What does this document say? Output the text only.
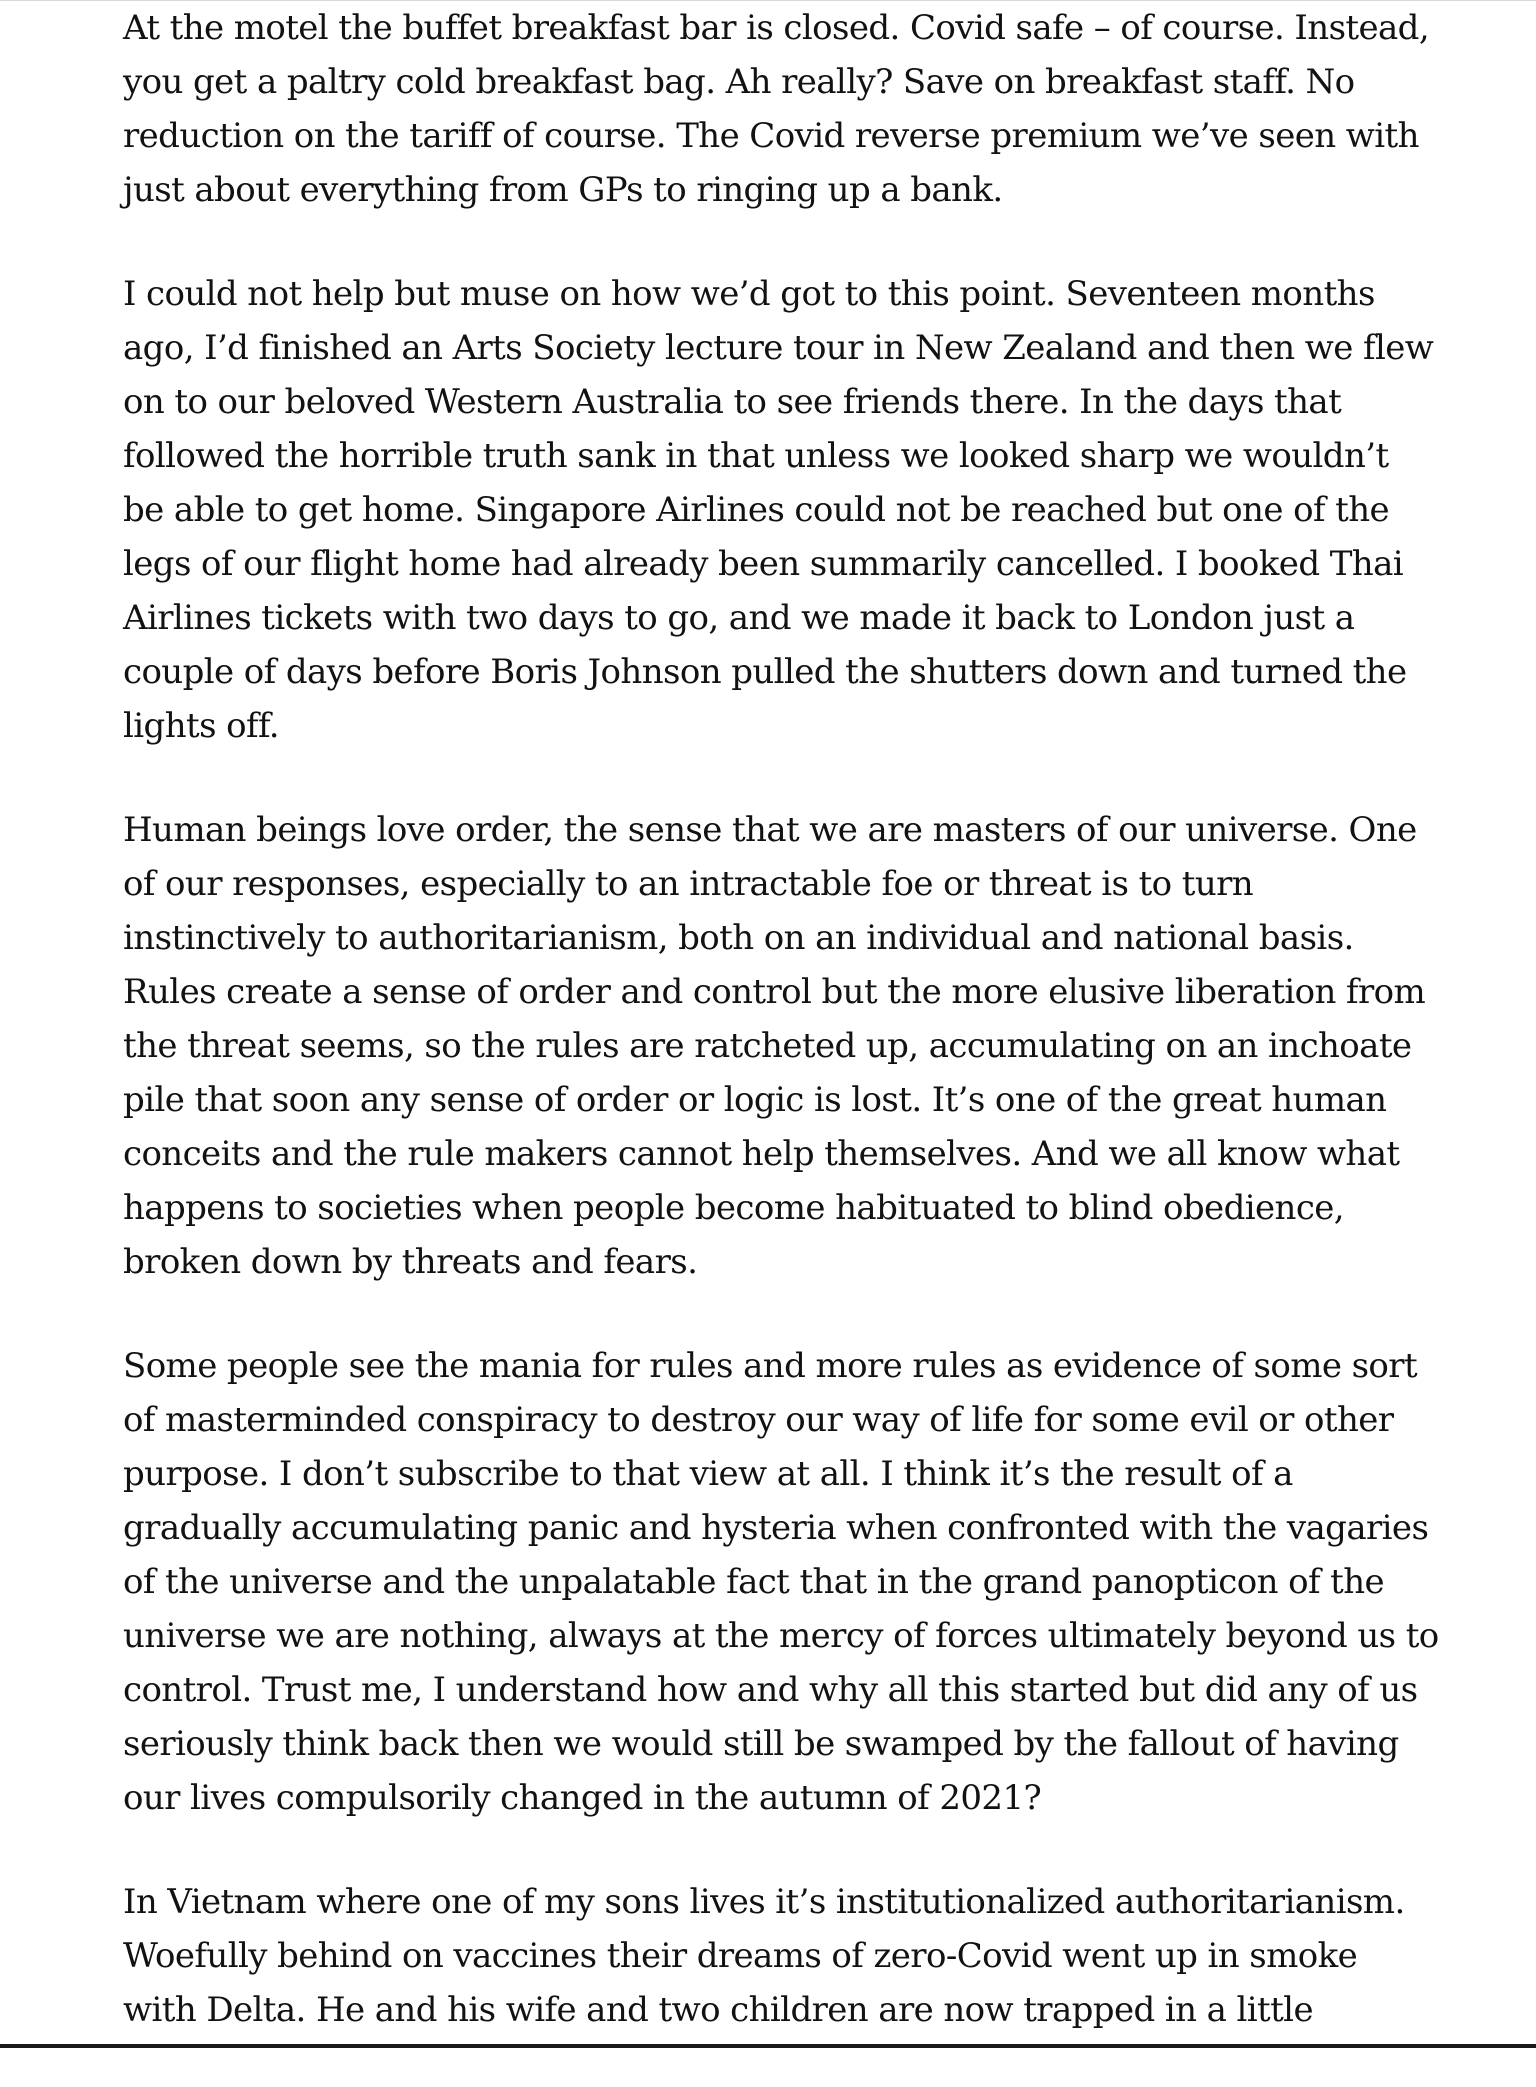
At the motel the buffet breakfast bar is closed. Covid safe – of course. Instead,
you get a paltry cold breakfast bag. Ah really? Save on breakfast staff. No
reduction on the tariff of course. The Covid reverse premium we’ve seen with
just about everything from GPs to ringing up a bank.

I could not help but muse on how we’d got to this point. Seventeen months
ago, I’d finished an Arts Society lecture tour in New Zealand and then we flew
on to our beloved Western Australia to see friends there. In the days that
followed the horrible truth sank in that unless we looked sharp we wouldn’t
be able to get home. Singapore Airlines could not be reached but one of the
legs of our flight home had already been summarily cancelled. I booked Thai
Airlines tickets with two days to go, and we made it back to London just a
couple of days before Boris Johnson pulled the shutters down and turned the
lights off.

Human beings love order, the sense that we are masters of our universe. One
of our responses, especially to an intractable foe or threat is to turn
instinctively to authoritarianism, both on an individual and national basis.
Rules create a sense of order and control but the more elusive liberation from
the threat seems, so the rules are ratcheted up, accumulating on an inchoate
pile that soon any sense of order or logic is lost. It’s one of the great human
conceits and the rule makers cannot help themselves. And we all know what
happens to societies when people become habituated to blind obedience,
broken down by threats and fears.

Some people see the mania for rules and more rules as evidence of some sort
of masterminded conspiracy to destroy our way of life for some evil or other
purpose. I don’t subscribe to that view at all. I think it’s the result of a
gradually accumulating panic and hysteria when confronted with the vagaries
of the universe and the unpalatable fact that in the grand panopticon of the
universe we are nothing, always at the mercy of forces ultimately beyond us to
control. Trust me, I understand how and why all this started but did any of us
seriously think back then we would still be swamped by the fallout of having
our lives compulsorily changed in the autumn of 2021?

In Vietnam where one of my sons lives it’s institutionalized authoritarianism.
Woefully behind on vaccines their dreams of zero-Covid went up in smoke
with Delta. He and his wife and two children are now trapped in a little
